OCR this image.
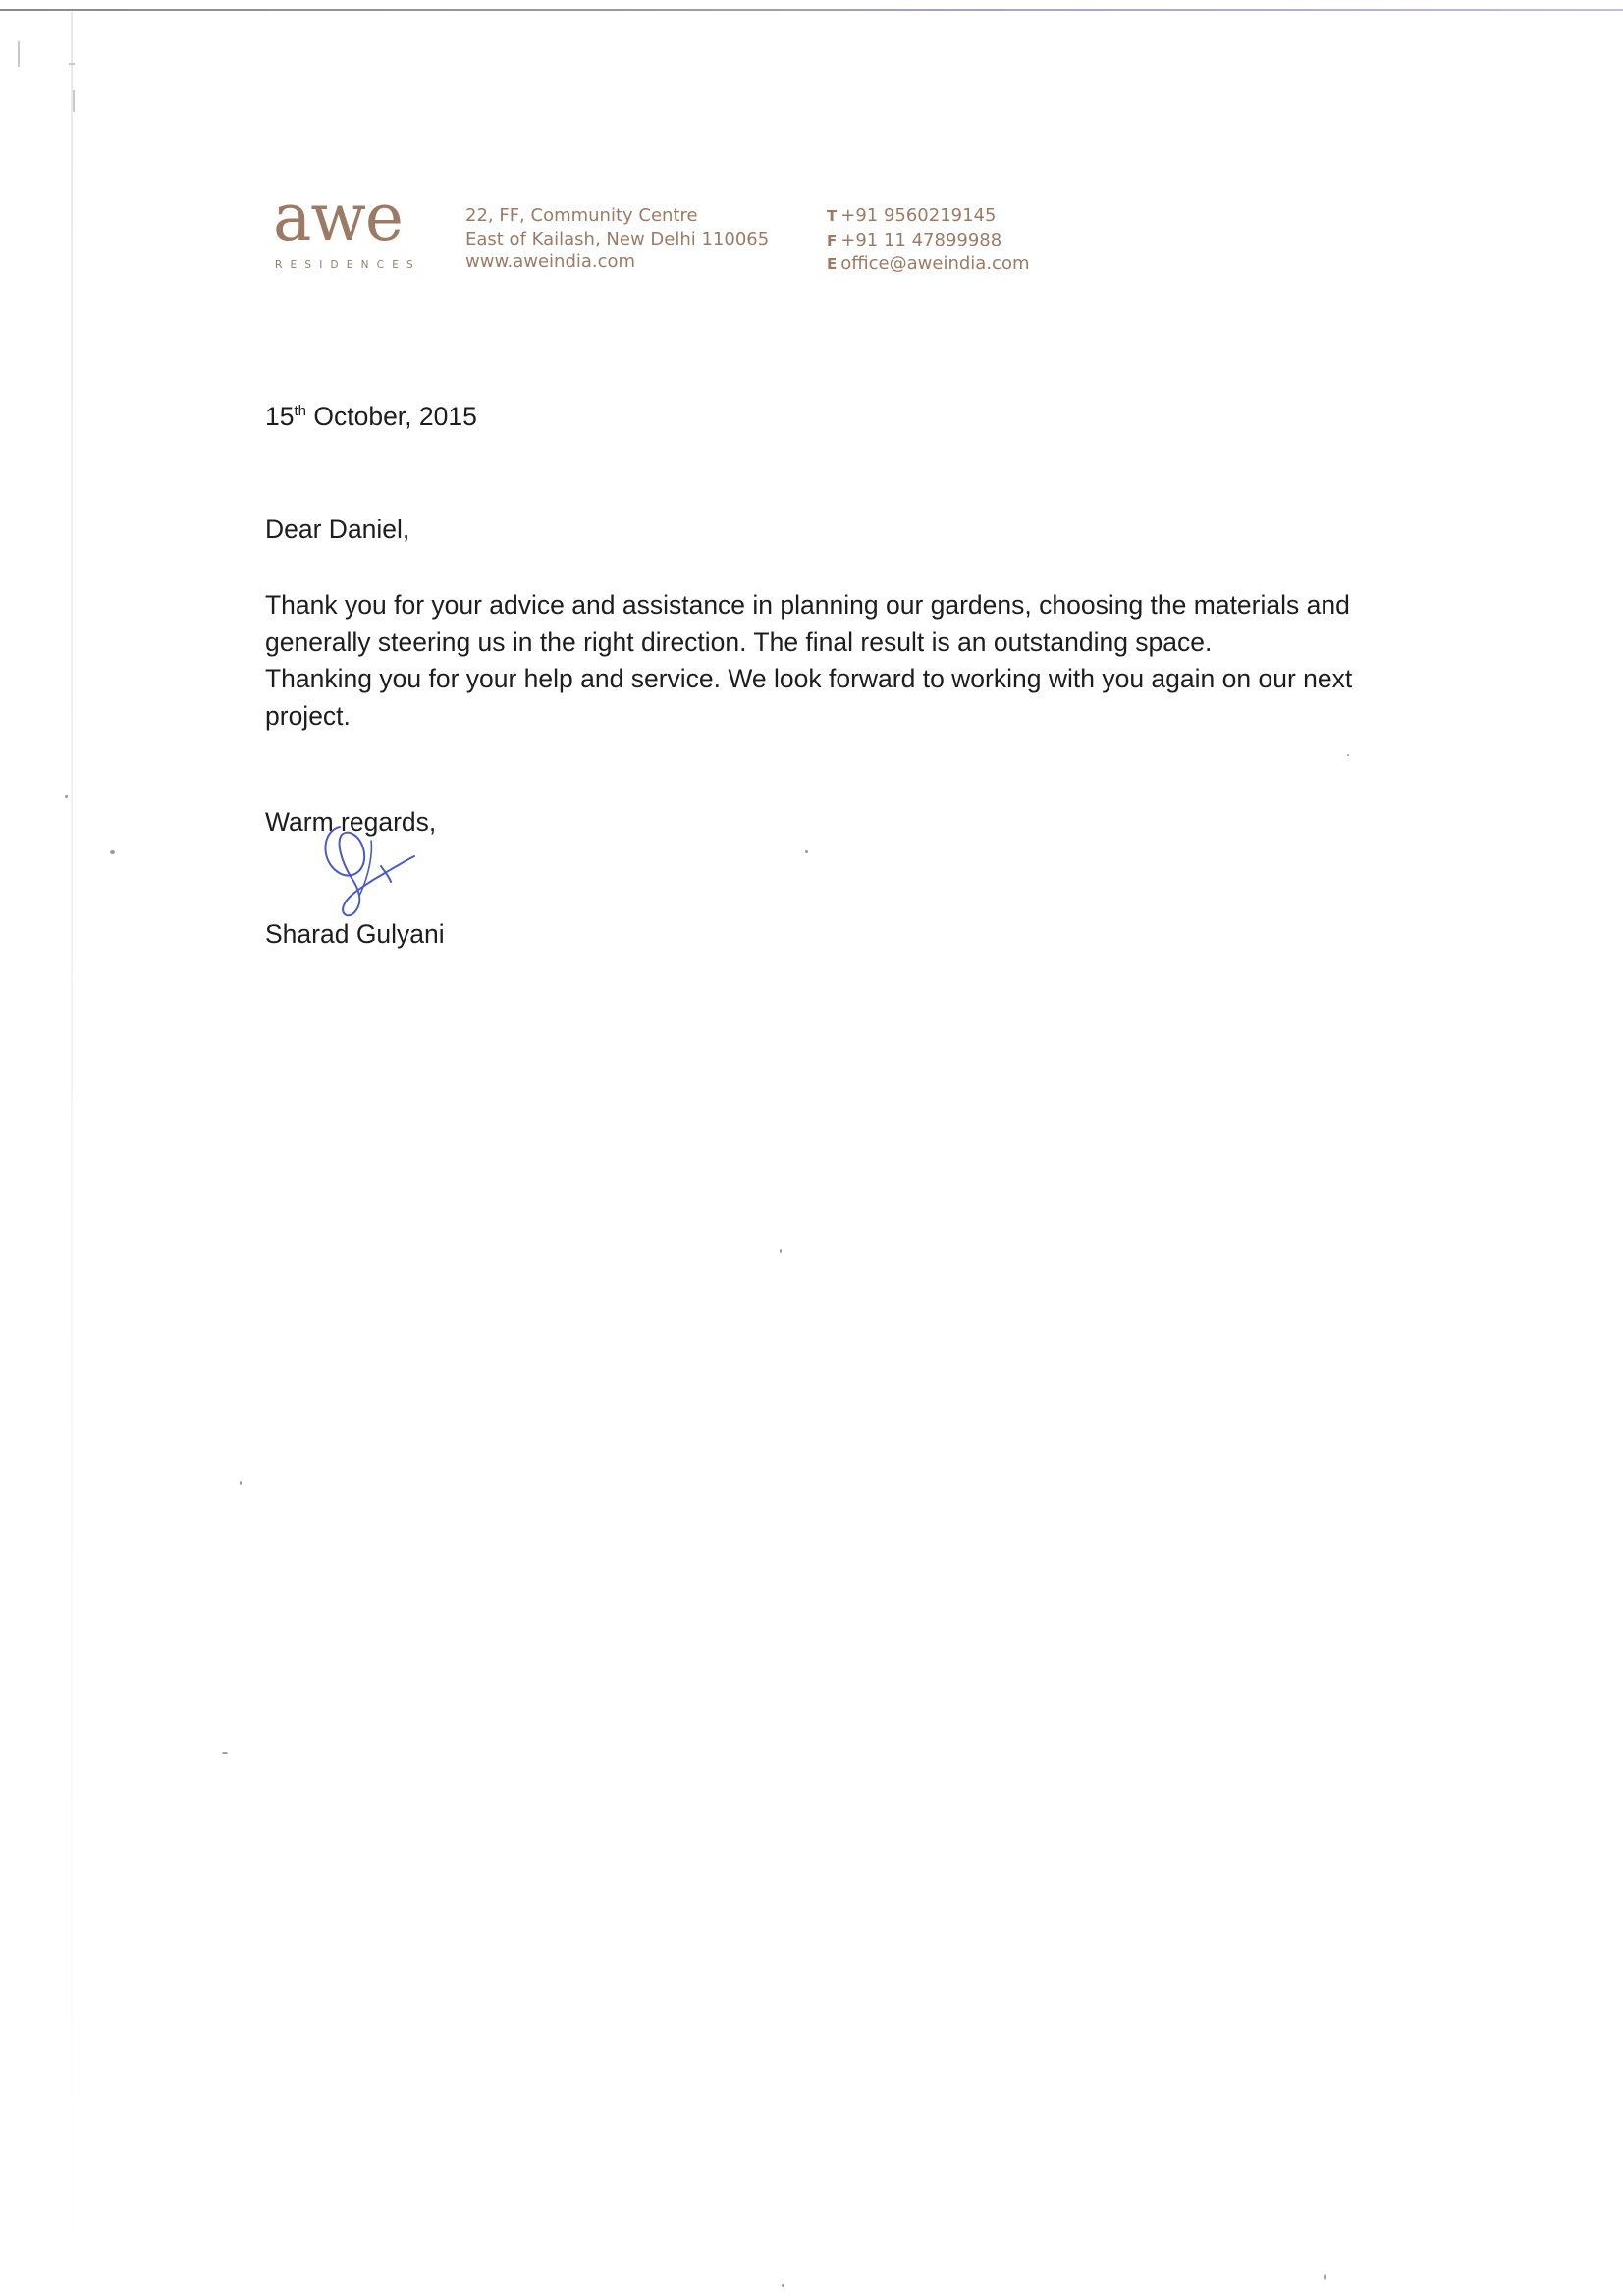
awe
RESIDENCES
22, FF, Community Centre
East of Kailash, New Delhi 110065
www.aweindia.com
T +91 9560219145
F +91 11 47899988
E office@aweindia.com
15th October, 2015
Dear Daniel,
Thank you for your advice and assistance in planning our gardens, choosing the materials and
generally steering us in the right direction. The final result is an outstanding space.
Thanking you for your help and service. We look forward to working with you again on our next
project.
Warm regards,
Sharad Gulyani
